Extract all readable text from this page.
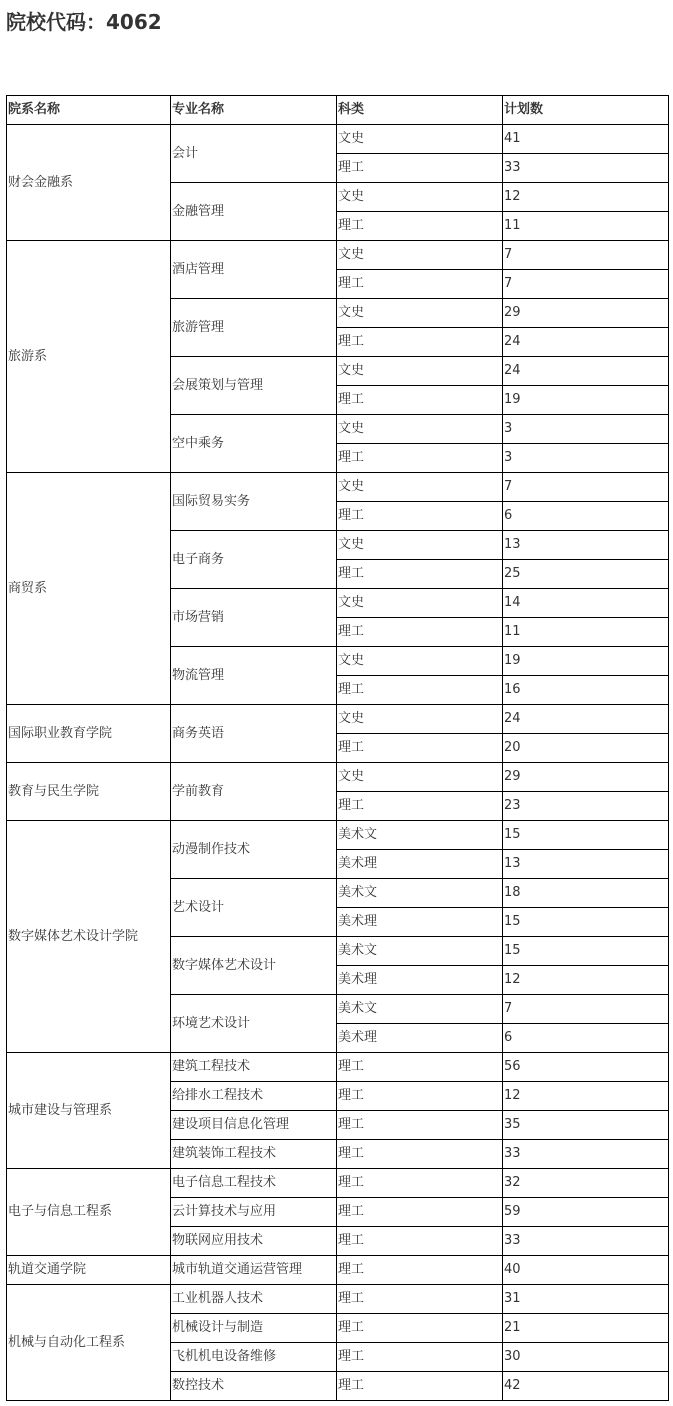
院校代码：4062
院系名称	专业名称	科类	计划数
财会金融系	会计	文史	41
		理工	33
	金融管理	文史	12
		理工	11
旅游系	酒店管理	文史	7
		理工	7
	旅游管理	文史	29
		理工	24
	会展策划与管理	文史	24
		理工	19
	空中乘务	文史	3
		理工	3
商贸系	国际贸易实务	文史	7
		理工	6
	电子商务	文史	13
		理工	25
	市场营销	文史	14
		理工	11
	物流管理	文史	19
		理工	16
国际职业教育学院	商务英语	文史	24
		理工	20
教育与民生学院	学前教育	文史	29
		理工	23
数字媒体艺术设计学院	动漫制作技术	美术文	15
		美术理	13
	艺术设计	美术文	18
		美术理	15
	数字媒体艺术设计	美术文	15
		美术理	12
	环境艺术设计	美术文	7
		美术理	6
城市建设与管理系	建筑工程技术	理工	56
	给排水工程技术	理工	12
	建设项目信息化管理	理工	35
	建筑装饰工程技术	理工	33
电子与信息工程系	电子信息工程技术	理工	32
	云计算技术与应用	理工	59
	物联网应用技术	理工	33
轨道交通学院	城市轨道交通运营管理	理工	40
机械与自动化工程系	工业机器人技术	理工	31
	机械设计与制造	理工	21
	飞机机电设备维修	理工	30
	数控技术	理工	42
